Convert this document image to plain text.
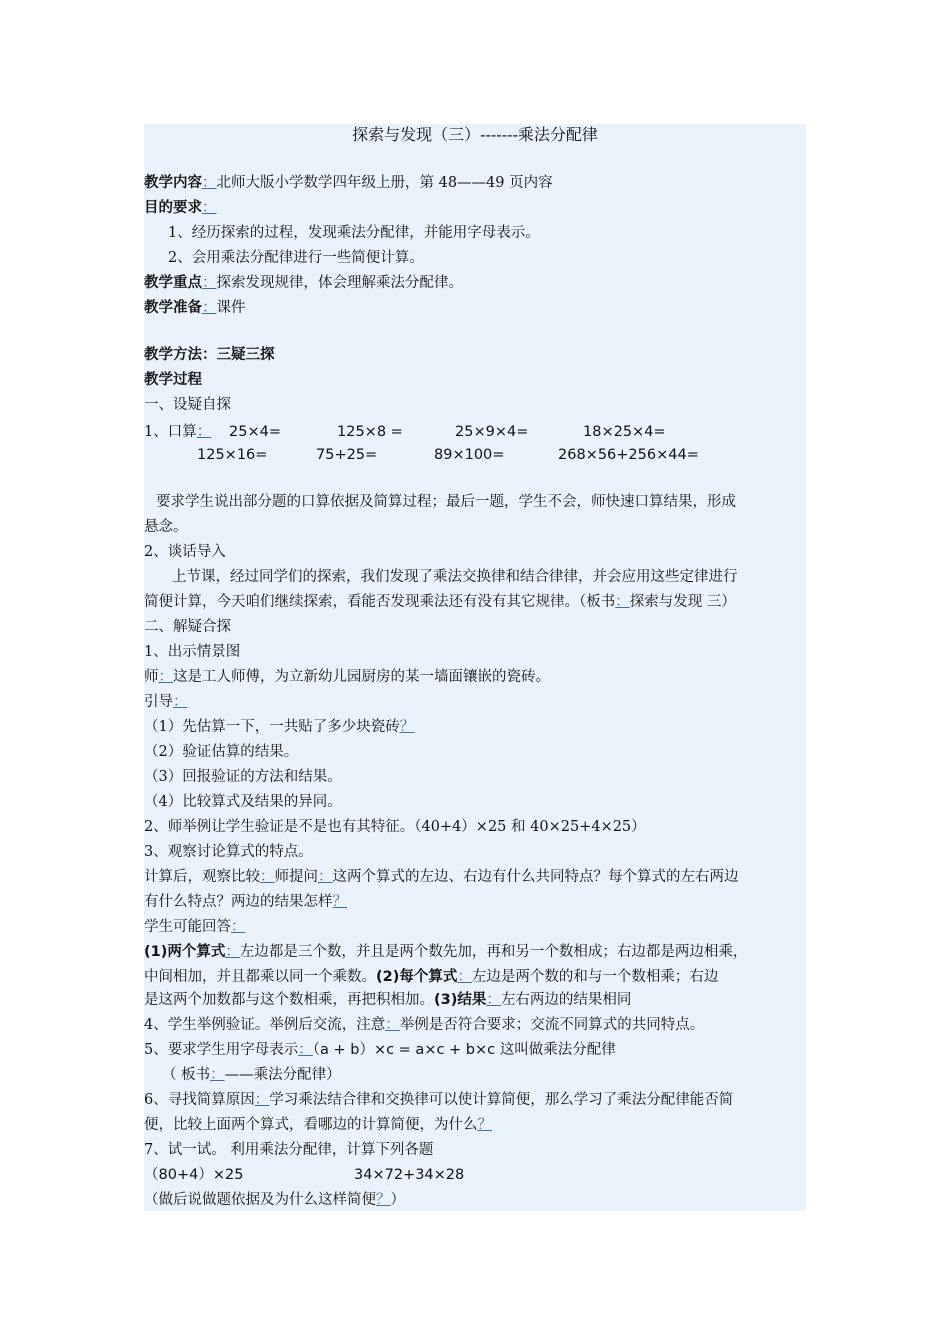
探索与发现（三）-------乘法分配律
教学内容：北师大版小学数学四年级上册，第 48——49 页内容
目的要求：
1、经历探索的过程，发现乘法分配律，并能用字母表示。
2、会用乘法分配律进行一些简便计算。
教学重点：探索发现规律，体会理解乘法分配律。
教学准备：课件
教学方法：三疑三探
教学过程
一、设疑自探
1、口算： 25×4=	125×8 =	25×9×4=	18×25×4=
125×16=	75+25=	89×100=	268×56+256×44=
要求学生说出部分题的口算依据及简算过程；最后一题，学生不会，师快速口算结果，形成
悬念。
2、谈话导入
上节课，经过同学们的探索，我们发现了乘法交换律和结合律律，并会应用这些定律进行
简便计算，今天咱们继续探索，看能否发现乘法还有没有其它规律。（板书：探索与发现 三）
二、解疑合探
1、出示情景图
师：这是工人师傅，为立新幼儿园厨房的某一墙面镶嵌的瓷砖。
引导：
（1）先估算一下，一共贴了多少块瓷砖？
（2）验证估算的结果。
（3）回报验证的方法和结果。
（4）比较算式及结果的异同。
2、师举例让学生验证是不是也有其特征。（40+4）×25 和 40×25+4×25）
3、观察讨论算式的特点。
计算后，观察比较：师提问：这两个算式的左边、右边有什么共同特点？每个算式的左右两边
有什么特点？两边的结果怎样？
学生可能回答：
(1)两个算式：左边都是三个数，并且是两个数先加，再和另一个数相成；右边都是两边相乘，
中间相加，并且都乘以同一个乘数。(2)每个算式：左边是两个数的和与一个数相乘；右边
是这两个加数都与这个数相乘，再把积相加。(3)结果：左右两边的结果相同
4、学生举例验证。举例后交流，注意：举例是否符合要求；交流不同算式的共同特点。
5、要求学生用字母表示：（a + b）×c = a×c + b×c 这叫做乘法分配律
（ 板书：——乘法分配律）
6、寻找简算原因：学习乘法结合律和交换律可以使计算简便，那么学习了乘法分配律能否简
便，比较上面两个算式，看哪边的计算简便，为什么？
7、试一试。 利用乘法分配律，计算下列各题
（80+4）×25	34×72+34×28
（做后说做题依据及为什么这样简便？）
